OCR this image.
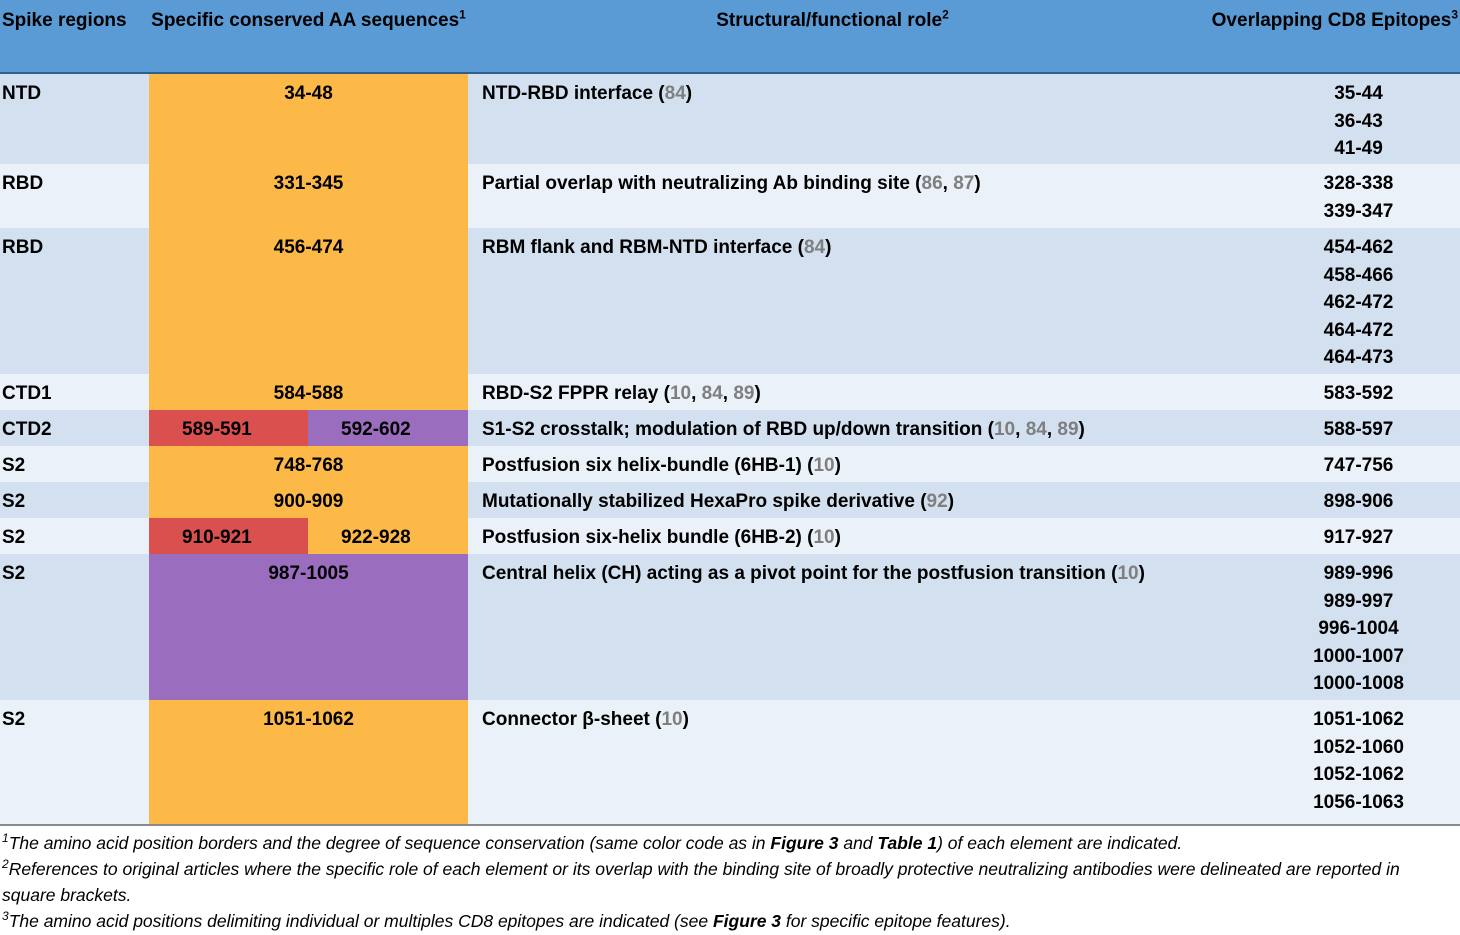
Spike regions	Specific conserved AA sequences$^1$		Structural/functional role$^2$	Overlapping CD8 Epitopes$^3$
NTD	34-48		NTD-RBD interface (84)	35-44
36-43
41-49

RBD	331-345		Partial overlap with neutralizing Ab binding site (86, 87)	328-338
339-347

RBD	456-474		RBM flank and RBM-NTD interface (84)	454-462
458-466
462-472
464-472
464-473

CTD1	584-588		RBD-S2 FPPR relay (10, 84, 89)	583-592

CTD2	589-591	592-602	S1-S2 crosstalk; modulation of RBD up/down transition (10, 84, 89)	588-597

S2	748-768		Postfusion six helix-bundle (6HB-1) (10)	747-756

S2	900-909		Mutationally stabilized HexaPro spike derivative (92)	898-906

S2	910-921	922-928	Postfusion six-helix bundle (6HB-2) (10)	917-927

S2	987-1005		Central helix (CH) acting as a pivot point for the postfusion transition (10)	989-996
989-997
996-1004
1000-1007
1000-1008

S2	1051-1062		Connector β-sheet (10)	1051-1062
1052-1060
1052-1062
1056-1063

$^1$The amino acid position borders and the degree of sequence conservation (same color code as in Figure 3 and Table 1) of each element are indicated.

$^2$References to original articles where the specific role of each element or its overlap with the binding site of broadly protective neutralizing antibodies were delineated are reported in square brackets.

$^3$The amino acid positions delimiting individual or multiples CD8 epitopes are indicated (see Figure 3 for specific epitope features).
